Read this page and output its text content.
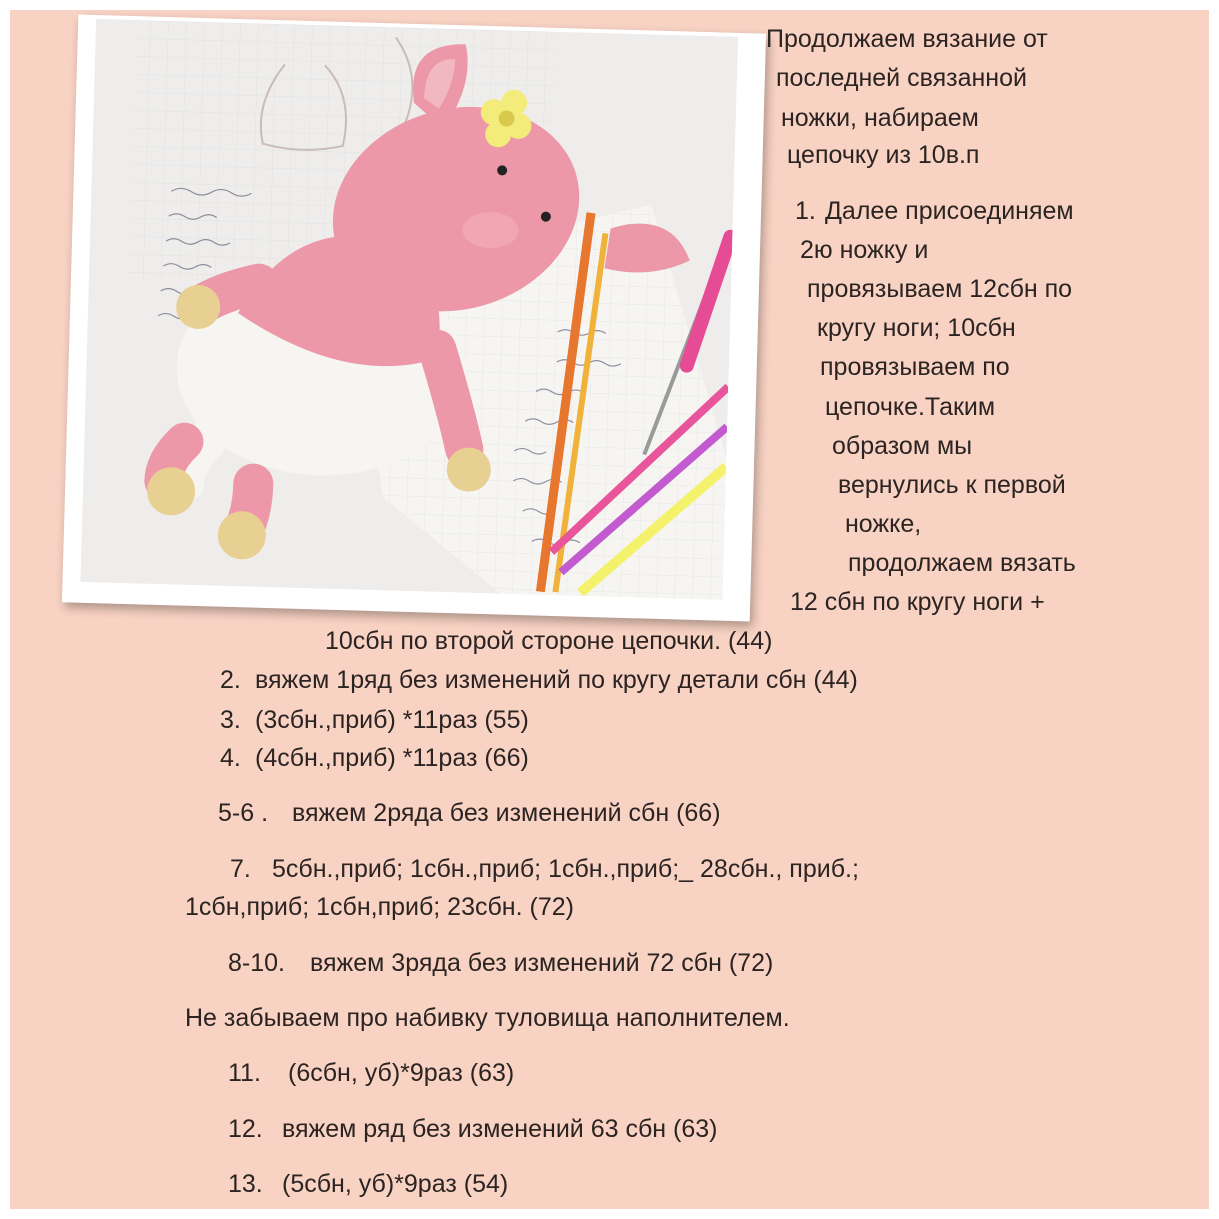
Продолжаем вязание от
последней связанной
ножки, набираем
цепочку из 10в.п
1. Далее присоединяем
2ю ножку и
провязываем 12сбн по
кругу ноги; 10сбн
провязываем по
цепочке.Таким
образом мы
вернулись к первой
ножке,
продолжаем вязать
12 сбн по кругу ноги +
10сбн по второй стороне цепочки. (44)
2. вяжем 1ряд без изменений по кругу детали сбн (44)
3. (3сбн.,приб) *11раз (55)
4. (4сбн.,приб) *11раз (66)
5-6 . вяжем 2ряда без изменений сбн (66)
7. 5сбн.,приб; 1сбн.,приб; 1сбн.,приб;_ 28сбн., приб.;
1сбн,приб; 1сбн,приб; 23сбн. (72)
8-10. вяжем 3ряда без изменений 72 сбн (72)
Не забываем про набивку туловища наполнителем.
11. (6сбн, уб)*9раз (63)
12. вяжем ряд без изменений 63 сбн (63)
13. (5сбн, уб)*9раз (54)
